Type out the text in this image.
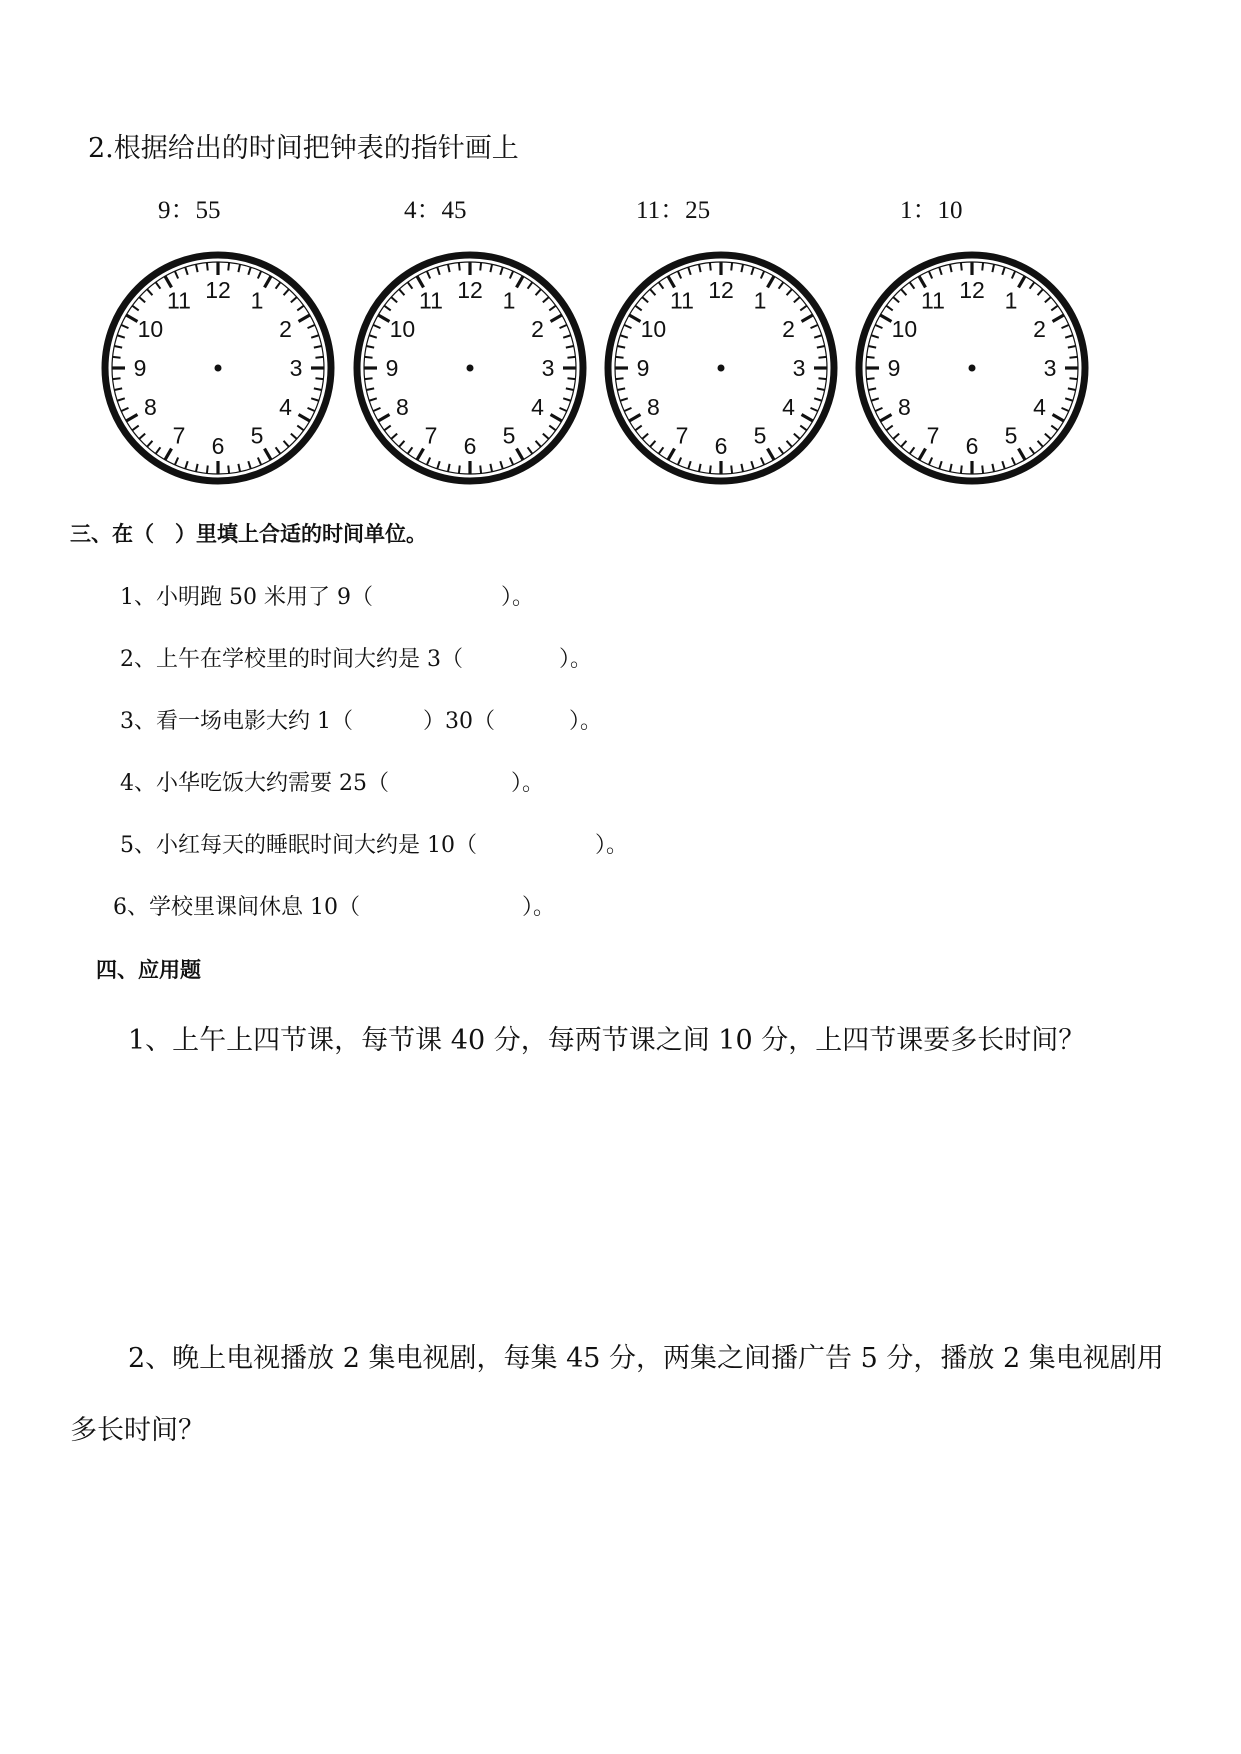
2.根据给出的时间把钟表的指针画上
9：55	4：45	11：25	1：10
12 1
2
3
4
5
6
7
8
9
10
11	12 1
2
3
4
5
6
7
8
9
10
11	12 1
2
3
4
5
6
7
8
9
10
11	12 1
2
3
4
5
6
7
8
9
10
11
三、在（　）里填上合适的时间单位。
1、小明跑 50 米用了 9（	）。
2、上午在学校里的时间大约是 3（	）。
3、看一场电影大约 1（	）30（	）。
4、小华吃饭大约需要 25（	）。
5、小红每天的睡眠时间大约是 10（	）。
6、学校里课间休息 10（	）。
四、应用题
1、上午上四节课，每节课 40 分，每两节课之间 10 分，上四节课要多长时间？
2、晚上电视播放 2 集电视剧，每集 45 分，两集之间播广告 5 分，播放 2 集电视剧用
多长时间？
